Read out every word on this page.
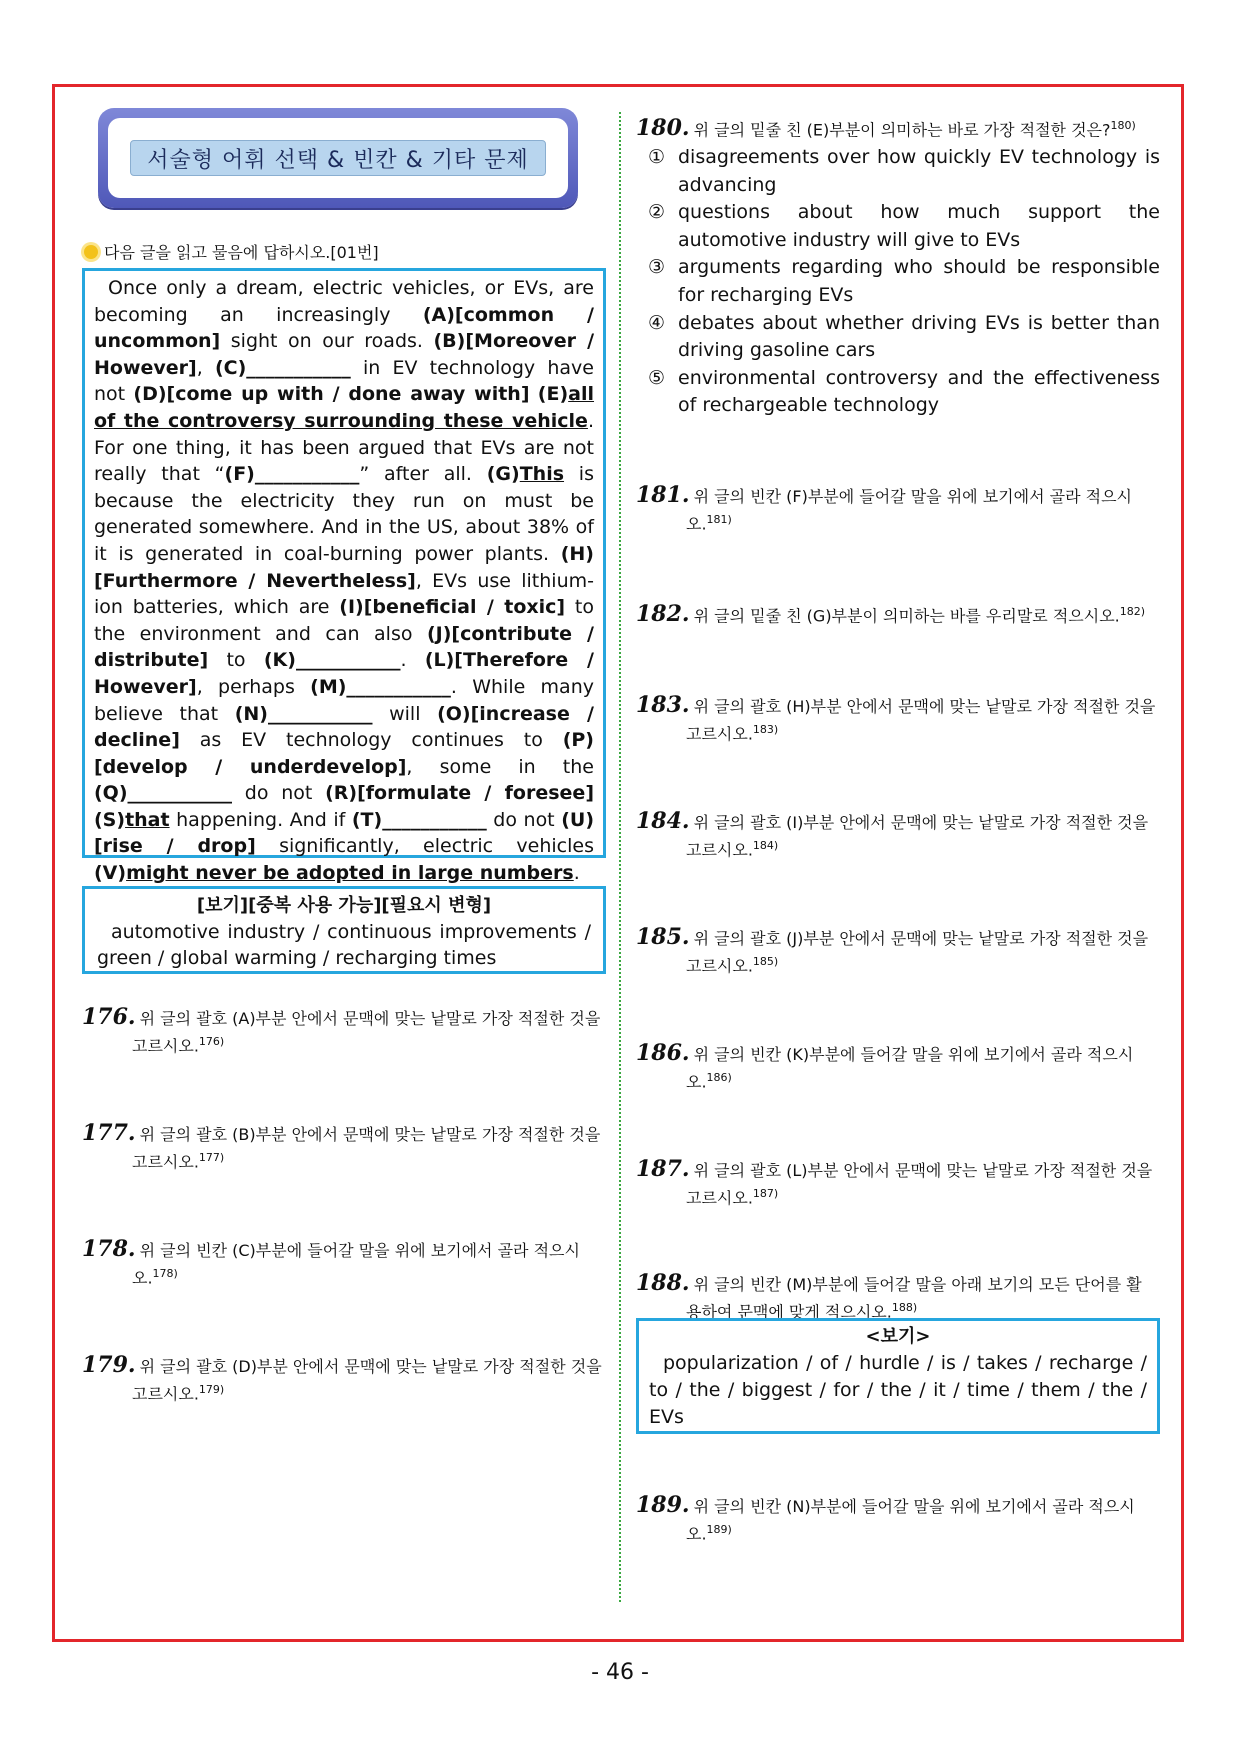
서술형 어휘 선택 & 빈칸 & 기타 문제
다음 글을 읽고 물음에 답하시오.[01번]

Once only a dream, electric vehicles, or EVs, are becoming an increasingly (A)[common / uncommon] sight on our roads. (B)[Moreover / However], (C)___________ in EV technology have not (D)[come up with / done away with] (E)all of the controversy surrounding these vehicle. For one thing, it has been argued that EVs are not really that “(F)___________” after all. (G)This is because the electricity they run on must be generated somewhere. And in the US, about 38% of it is generated in coal-burning power plants. (H)[Furthermore / Nevertheless], EVs use lithium-ion batteries, which are (I)[beneficial / toxic] to the environment and can also (J)[contribute / distribute] to (K)___________. (L)[Therefore / However], perhaps (M)___________. While many believe that (N)___________ will (O)[increase / decline] as EV technology continues to (P)[develop / underdevelop], some in the (Q)___________ do not (R)[formulate / foresee] (S)that happening. And if (T)___________ do not (U)[rise / drop] significantly, electric vehicles (V)might never be adopted in large numbers.

[보기][중복 사용 가능][필요시 변형]
automotive industry / continuous improvements / green / global warming / recharging times
176. 위 글의 괄호 (A)부분 안에서 문맥에 맞는 낱말로 가장 적절한 것을
고르시오.$^{176)}$
177. 위 글의 괄호 (B)부분 안에서 문맥에 맞는 낱말로 가장 적절한 것을
고르시오.$^{177)}$
178. 위 글의 빈칸 (C)부분에 들어갈 말을 위에 보기에서 골라 적으시
오.$^{178)}$
179. 위 글의 괄호 (D)부분 안에서 문맥에 맞는 낱말로 가장 적절한 것을
고르시오.$^{179)}$
180. 위 글의 밑줄 친 (E)부분이 의미하는 바로 가장 적절한 것은?$^{180)}$
① disagreements over how quickly EV technology is advancing
② questions about how much support the automotive industry will give to EVs
③ arguments regarding who should be responsible for recharging EVs
④ debates about whether driving EVs is better than driving gasoline cars
⑤ environmental controversy and the effectiveness of rechargeable technology
181. 위 글의 빈칸 (F)부분에 들어갈 말을 위에 보기에서 골라 적으시
오.$^{181)}$
182. 위 글의 밑줄 친 (G)부분이 의미하는 바를 우리말로 적으시오.$^{182)}$
183. 위 글의 괄호 (H)부분 안에서 문맥에 맞는 낱말로 가장 적절한 것을
고르시오.$^{183)}$
184. 위 글의 괄호 (I)부분 안에서 문맥에 맞는 낱말로 가장 적절한 것을
고르시오.$^{184)}$
185. 위 글의 괄호 (J)부분 안에서 문맥에 맞는 낱말로 가장 적절한 것을
고르시오.$^{185)}$
186. 위 글의 빈칸 (K)부분에 들어갈 말을 위에 보기에서 골라 적으시
오.$^{186)}$
187. 위 글의 괄호 (L)부분 안에서 문맥에 맞는 낱말로 가장 적절한 것을
고르시오.$^{187)}$
188. 위 글의 빈칸 (M)부분에 들어갈 말을 아래 보기의 모든 단어를 활
용하여 문맥에 맞게 적으시오.$^{188)}$
<보기>
popularization / of / hurdle / is / takes / recharge / to / the / biggest / for / the / it / time / them / the / EVs
189. 위 글의 빈칸 (N)부분에 들어갈 말을 위에 보기에서 골라 적으시
오.$^{189)}$
- 46 -
